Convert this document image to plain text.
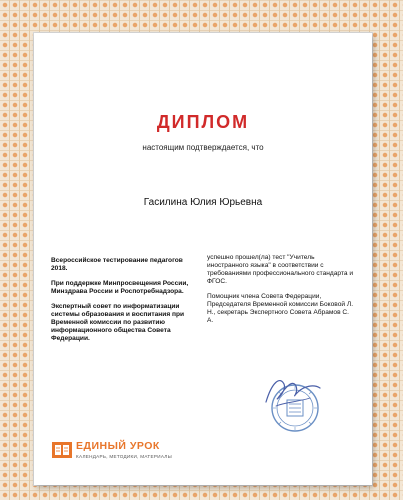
ДИПЛОМ
настоящим подтверждается, что
Гасилина Юлия Юрьевна

Всероссийское тестирование педагогов 2018.

При поддержке Минпросвещения России, Минздрава России и Роспотребнадзора.

Экспертный совет по информатизации системы образования и воспитания при Временной комиссии по развитию информационного общества Совета Федерации.

успешно прошел(ла) тест "Учитель иностранного языка" в соответствии с требованиями профессионального стандарта и ФГОС.

Помощник члена Совета Федерации, Председателя Временной комиссии Боковой Л. Н., секретарь Экспертного Совета Абрамов С. А.

ЕДИНЫЙ УРОК
КАЛЕНДАРЬ, МЕТОДИКИ, МАТЕРИАЛЫ
